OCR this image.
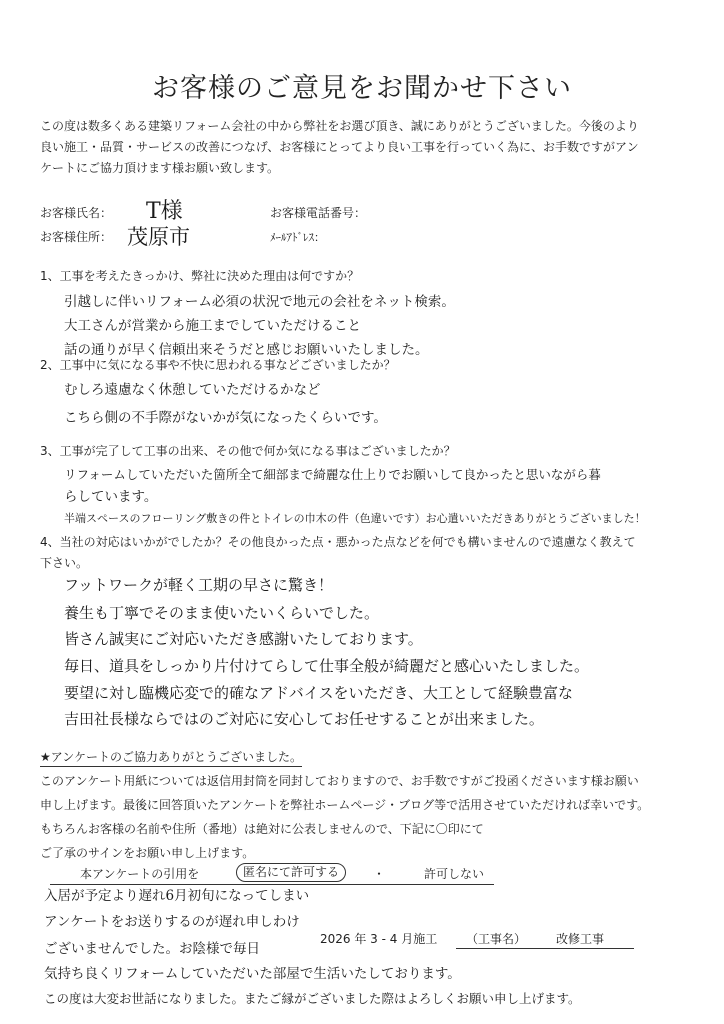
お客様のご意見をお聞かせ下さい
この度は数多くある建築リフォーム会社の中から弊社をお選び頂き、誠にありがとうございました。今後のより
良い施工・品質・サービスの改善につなげ、お客様にとってより良い工事を行っていく為に、お手数ですがアン
ケートにご協力頂けます様お願い致します。
お客様氏名： T様
お客様住所： 茂原市
お客様電話番号：
ﾒｰﾙｱﾄﾞﾚｽ：
1、工事を考えたきっかけ、弊社に決めた理由は何ですか？
引越しに伴いリフォーム必須の状況で地元の会社をネット検索。
大工さんが営業から施工までしていただけること
話の通りが早く信頼出来そうだと感じお願いいたしました。
2、工事中に気になる事や不快に思われる事などございましたか？
むしろ遠慮なく休憩していただけるかなど
こちら側の不手際がないかが気になったくらいです。
3、工事が完了して工事の出来、その他で何か気になる事はございましたか？
リフォームしていただいた箇所全て細部まで綺麗な仕上りでお願いして良かったと思いながら暮
らしています。
半端スペースのフローリング敷きの件とトイレの巾木の件（色違いです）お心遣いいただきありがとうございました！
4、当社の対応はいかがでしたか？その他良かった点・悪かった点などを何でも構いませんので遠慮なく教えて
下さい。
フットワークが軽く工期の早さに驚き！
養生も丁寧でそのまま使いたいくらいでした。
皆さん誠実にご対応いただき感謝いたしております。
毎日、道具をしっかり片付けてらして仕事全般が綺麗だと感心いたしました。
要望に対し臨機応変で的確なアドバイスをいただき、大工として経験豊富な
吉田社長様ならではのご対応に安心してお任せすることが出来ました。
★アンケートのご協力ありがとうございました。
このアンケート用紙については返信用封筒を同封しておりますので、お手数ですがご投函くださいます様お願い
申し上げます。最後に回答頂いたアンケートを弊社ホームページ・ブログ等で活用させていただければ幸いです。
もちろんお客様の名前や住所（番地）は絶対に公表しませんので、下記に〇印にて
ご了承のサインをお願い申し上げます。
本アンケートの引用を	匿名にて許可する	・	許可しない
入居が予定より遅れ6月初旬になってしまい
アンケートをお送りするのが遅れ申しわけ
ございませんでした。お陰様で毎日
気持ち良くリフォームしていただいた部屋で生活いたしております。
この度は大変お世話になりました。またご縁がございました際はよろしくお願い申し上げます。
2026 年 3 - 4 月施工 （工事名） 改修工事
